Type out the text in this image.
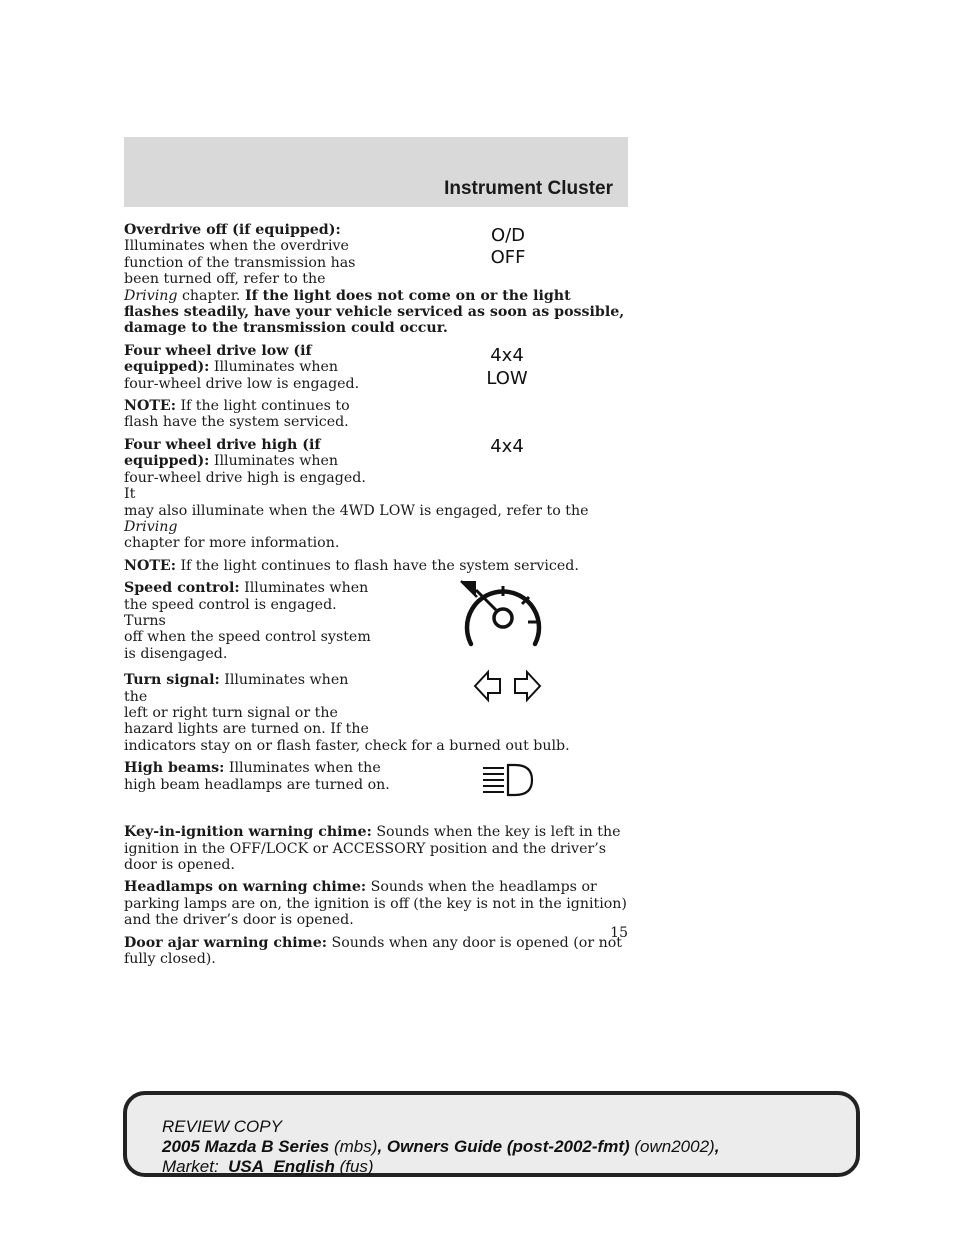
Instrument Cluster

Overdrive off (if equipped):

Illuminates when the overdrive

function of the transmission has

been turned off, refer to the

Driving chapter. If the light does not come on or the light flashes steadily, have your vehicle serviced as soon as possible, damage to the transmission could occur.

O/D
OFF

Four wheel drive low (if

equipped): Illuminates when

four-wheel drive low is engaged.

NOTE: If the light continues to

flash have the system serviced.

4x4
LOW

Four wheel drive high (if

equipped): Illuminates when

four-wheel drive high is engaged. It

may also illuminate when the 4WD LOW is engaged, refer to the Driving

chapter for more information.

NOTE: If the light continues to flash have the system serviced.

4x4

Speed control: Illuminates when

the speed control is engaged. Turns

off when the speed control system

is disengaged.

Turn signal: Illuminates when the

left or right turn signal or the

hazard lights are turned on. If the

indicators stay on or flash faster, check for a burned out bulb.

High beams: Illuminates when the

high beam headlamps are turned on.

Key-in-ignition warning chime: Sounds when the key is left in the ignition in the OFF/LOCK or ACCESSORY position and the driver’s door is opened.

Headlamps on warning chime: Sounds when the headlamps or parking lamps are on, the ignition is off (the key is not in the ignition) and the driver’s door is opened.

Door ajar warning chime: Sounds when any door is opened (or not fully closed).

15
REVIEW COPY
2005 Mazda B Series (mbs), Owners Guide (post-2002-fmt) (own2002),
Market:  USA_English (fus)
